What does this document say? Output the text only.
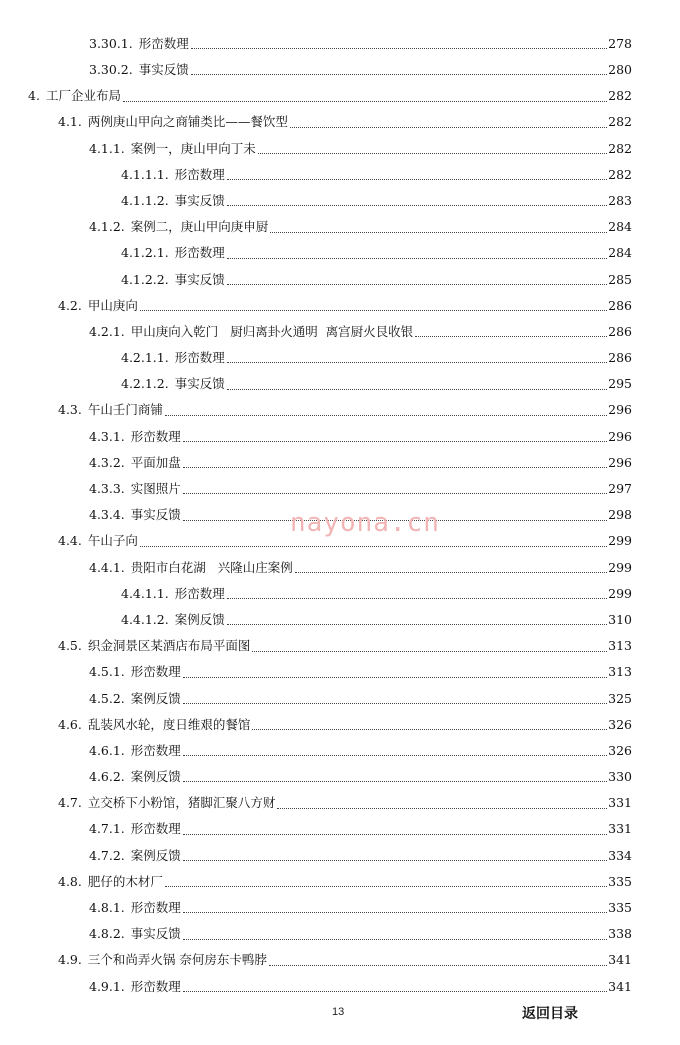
3.30.1. 形峦数理	278
3.30.2. 事实反馈	280
4. 工厂企业布局	282
4.1. 两例庚山甲向之商铺类比——餐饮型	282
4.1.1. 案例一，庚山甲向丁未	282
4.1.1.1. 形峦数理	282
4.1.1.2. 事实反馈	283
4.1.2. 案例二，庚山甲向庚申厨	284
4.1.2.1. 形峦数理	284
4.1.2.2. 事实反馈	285
4.2. 甲山庚向	286
4.2.1. 甲山庚向入乾门   厨归离卦火通明  离宫厨火艮收银	286
4.2.1.1. 形峦数理	286
4.2.1.2. 事实反馈	295
4.3. 午山壬门商铺	296
4.3.1. 形峦数理	296
4.3.2. 平面加盘	296
4.3.3. 实图照片	297
4.3.4. 事实反馈	298
4.4. 午山子向	299
4.4.1. 贵阳市白花湖   兴隆山庄案例	299
4.4.1.1. 形峦数理	299
4.4.1.2. 案例反馈	310
4.5. 织金洞景区某酒店布局平面图	313
4.5.1. 形峦数理	313
4.5.2. 案例反馈	325
4.6. 乱装风水轮，度日维艰的餐馆	326
4.6.1. 形峦数理	326
4.6.2. 案例反馈	330
4.7. 立交桥下小粉馆，猪脚汇聚八方财	331
4.7.1. 形峦数理	331
4.7.2. 案例反馈	334
4.8. 肥仔的木材厂	335
4.8.1. 形峦数理	335
4.8.2. 事实反馈	338
4.9. 三个和尚弄火锅 奈何房东卡鸭脖	341
4.9.1. 形峦数理	341
nayona.cn
13	返回目录
